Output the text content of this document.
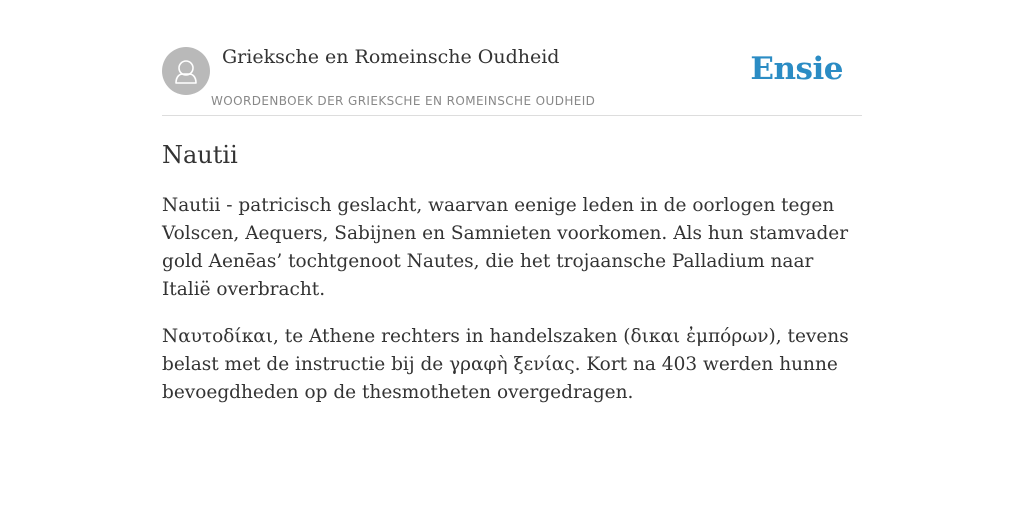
Grieksche en Romeinsche Oudheid
WOORDENBOEK DER GRIEKSCHE EN ROMEINSCHE OUDHEID
Ensie
Nautii

Nautii - patricisch geslacht, waarvan eenige leden in de oorlogen tegen Volscen, Aequers, Sabijnen en Samnieten voorkomen. Als hun stamvader gold Aenē̄as’ tochtgenoot Nautes, die het trojaansche Palladium naar Italië overbracht.

Ναυτοδίκαι, te Athene rechters in handelszaken (δικαι ἐμπόρων), tevens belast met de instructie bij de γραφὴ ξενίας. Kort na 403 werden hunne bevoegdheden op de thesmotheten overgedragen.
